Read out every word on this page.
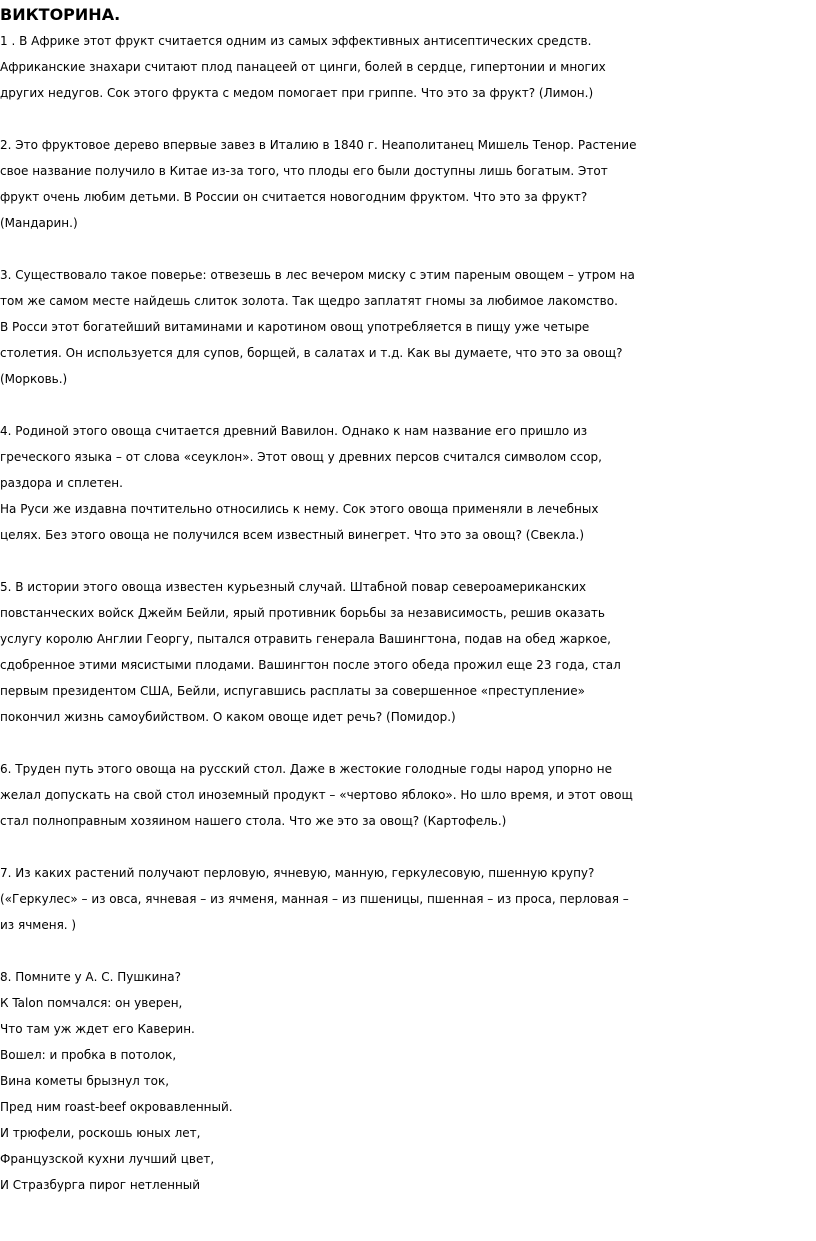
ВИКТОРИНА.
1 . В Африке этот фрукт считается одним из самых эффективных антисептических средств.
Африканские знахари считают плод панацеей от цинги, болей в сердце, гипертонии и многих
других недугов. Сок этого фрукта с медом помогает при гриппе. Что это за фрукт? (Лимон.)
2. Это фруктовое дерево впервые завез в Италию в 1840 г. Неаполитанец Мишель Тенор. Растение
свое название получило в Китае из-за того, что плоды его были доступны лишь богатым. Этот
фрукт очень любим детьми. В России он считается новогодним фруктом. Что это за фрукт?
(Мандарин.)
3. Существовало такое поверье: отвезешь в лес вечером миску с этим пареным овощем – утром на
том же самом месте найдешь слиток золота. Так щедро заплатят гномы за любимое лакомство.
В Росси этот богатейший витаминами и каротином овощ употребляется в пищу уже четыре
столетия. Он используется для супов, борщей, в салатах и т.д. Как вы думаете, что это за овощ?
(Морковь.)
4. Родиной этого овоща считается древний Вавилон. Однако к нам название его пришло из
греческого языка – от слова «сеуклон». Этот овощ у древних персов считался символом ссор,
раздора и сплетен.
На Руси же издавна почтительно относились к нему. Сок этого овоща применяли в лечебных
целях. Без этого овоща не получился всем известный винегрет. Что это за овощ? (Свекла.)
5. В истории этого овоща известен курьезный случай. Штабной повар североамериканских
повстанческих войск Джейм Бейли, ярый противник борьбы за независимость, решив оказать
услугу королю Англии Георгу, пытался отравить генерала Вашингтона, подав на обед жаркое,
сдобренное этими мясистыми плодами. Вашингтон после этого обеда прожил еще 23 года, стал
первым президентом США, Бейли, испугавшись расплаты за совершенное «преступление»
покончил жизнь самоубийством. О каком овоще идет речь? (Помидор.)
6. Труден путь этого овоща на русский стол. Даже в жестокие голодные годы народ упорно не
желал допускать на свой стол иноземный продукт – «чертово яблоко». Но шло время, и этот овощ
стал полноправным хозяином нашего стола. Что же это за овощ? (Картофель.)
7. Из каких растений получают перловую, ячневую, манную, геркулесовую, пшенную крупу?
(«Геркулес» – из овса, ячневая – из ячменя, манная – из пшеницы, пшенная – из проса, перловая –
из ячменя. )
8. Помните у А. С. Пушкина?
К Talon помчался: он уверен,
Что там уж ждет его Каверин.
Вошел: и пробка в потолок,
Вина кометы брызнул ток,
Пред ним roast-beef окровавленный.
И трюфели, роскошь юных лет,
Французской кухни лучший цвет,
И Стразбурга пирог нетленный
